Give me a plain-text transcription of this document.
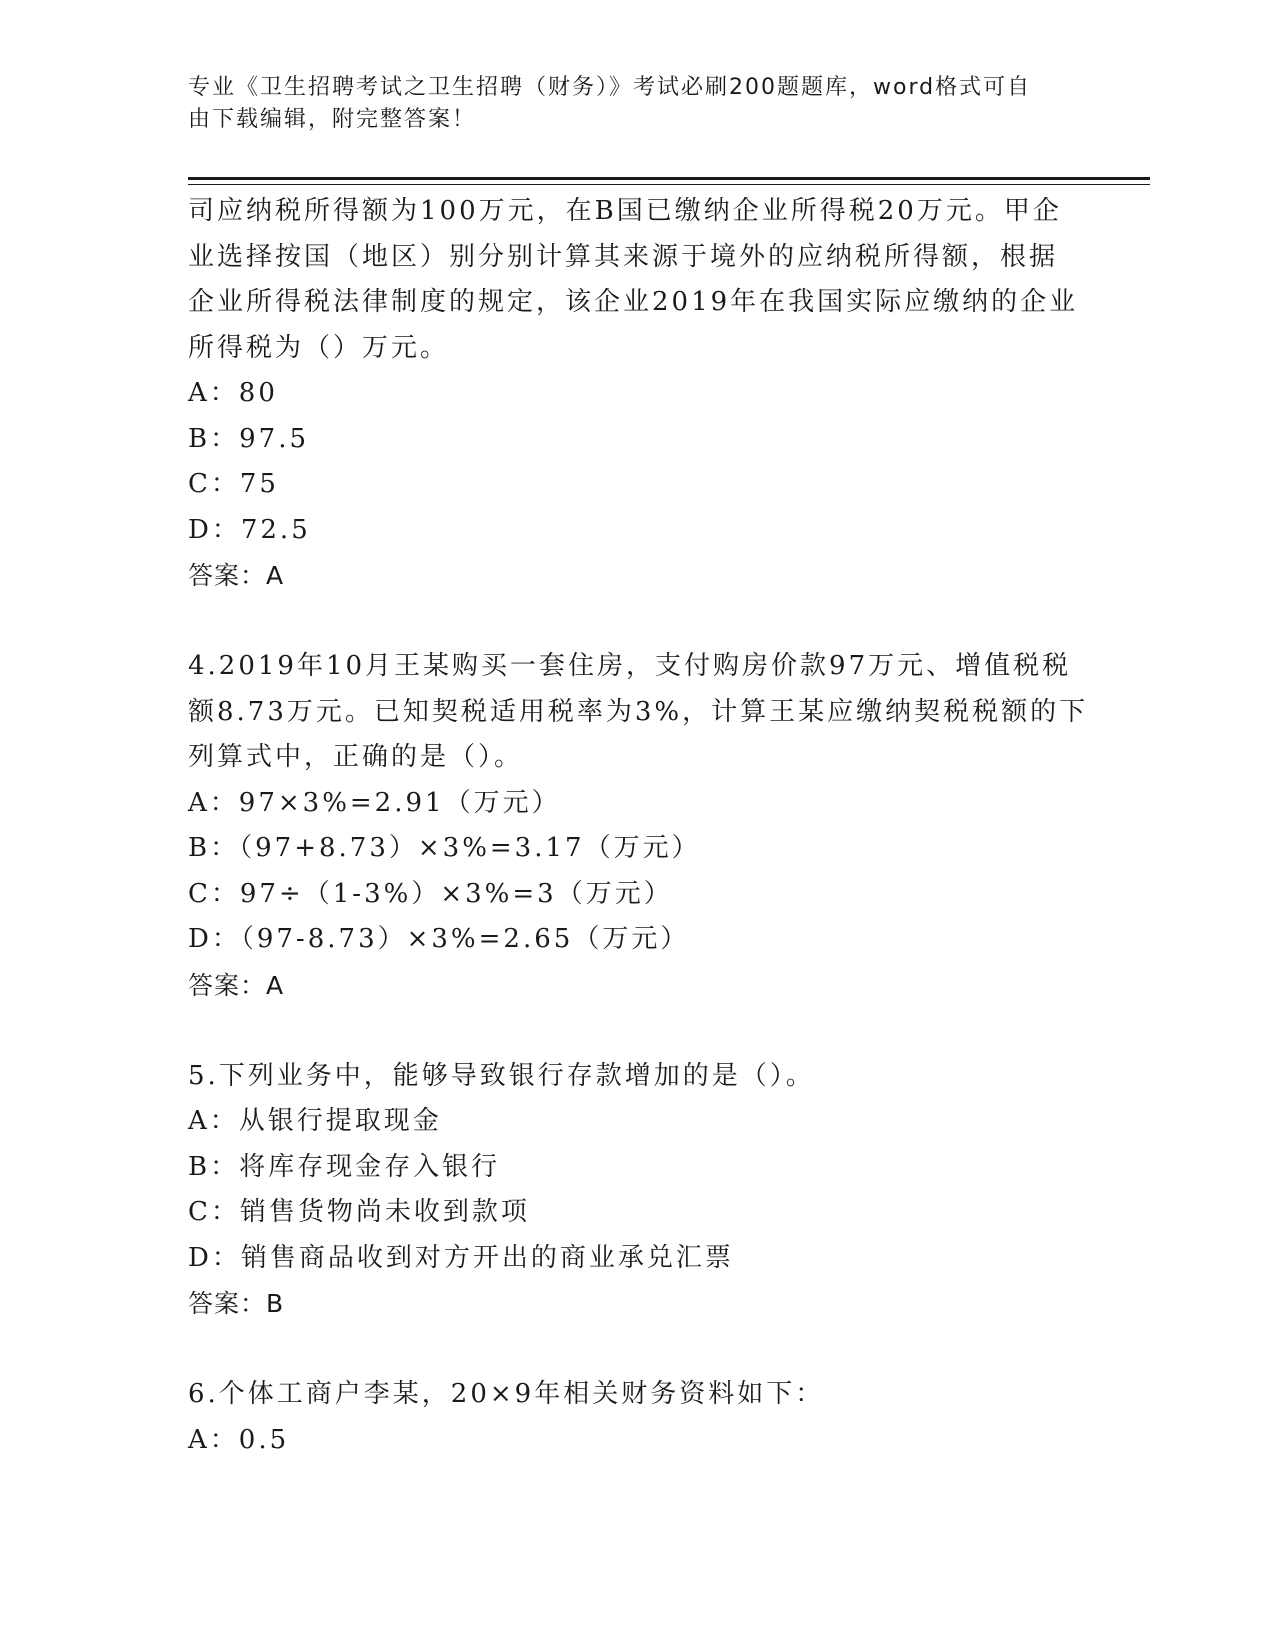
专业《卫生招聘考试之卫生招聘（财务）》考试必刷200题题库，word格式可自
由下载编辑，附完整答案！
司应纳税所得额为100万元，在B国已缴纳企业所得税20万元。甲企
业选择按国（地区）别分别计算其来源于境外的应纳税所得额，根据
企业所得税法律制度的规定，该企业2019年在我国实际应缴纳的企业
所得税为（）万元。
A：80
B：97.5
C：75
D：72.5
答案：A
4.2019年10月王某购买一套住房，支付购房价款97万元、增值税税
额8.73万元。已知契税适用税率为3%，计算王某应缴纳契税税额的下
列算式中，正确的是（）。
A：97×3%=2.91（万元）
B：（97+8.73）×3%=3.17（万元）
C：97÷（1-3%）×3%=3（万元）
D：（97-8.73）×3%=2.65（万元）
答案：A
5.下列业务中，能够导致银行存款增加的是（）。
A：从银行提取现金
B：将库存现金存入银行
C：销售货物尚未收到款项
D：销售商品收到对方开出的商业承兑汇票
答案：B
6.个体工商户李某，20×9年相关财务资料如下：
A：0.5
